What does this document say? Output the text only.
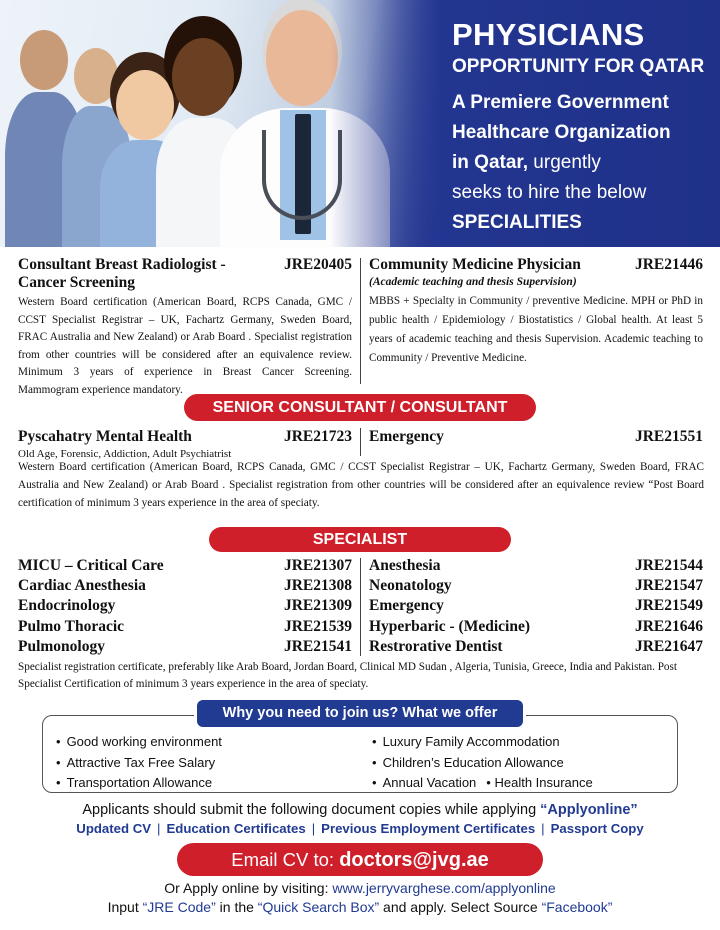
PHYSICIANS
OPPORTUNITY FOR QATAR
A Premiere Government
Healthcare Organization
in Qatar, urgently
seeks to hire the below
SPECIALITIES
Consultant Breast Radiologist -	JRE20405
Cancer Screening
Western Board certification (American Board, RCPS Canada, GMC / CCST Specialist Registrar – UK, Fachartz Germany, Sweden Board, FRAC Australia and New Zealand) or Arab Board . Specialist registration from other countries will be considered after an equivalence review. Minimum 3 years of experience in Breast Cancer Screening. Mammogram experience mandatory.
Community Medicine Physician	JRE21446
(Academic teaching and thesis Supervision)
MBBS + Specialty in Community / preventive Medicine. MPH or PhD in public health / Epidemiology / Biostatistics / Global health. At least 5 years of academic teaching and thesis Supervision. Academic teaching to Community / Preventive Medicine.
SENIOR CONSULTANT / CONSULTANT
Pyscahatry Mental Health	JRE21723
Old Age, Forensic, Addiction, Adult Psychiatrist
Emergency	JRE21551
Western Board certification (American Board, RCPS Canada, GMC / CCST Specialist Registrar – UK, Fachartz Germany, Sweden Board, FRAC Australia and New Zealand) or Arab Board . Specialist registration from other countries will be considered after an equivalence review “Post Board certification of minimum 3 years experience in the area of speciaty.
SPECIALIST
MICU – Critical Care	JRE21307
Cardiac Anesthesia	JRE21308
Endocrinology	JRE21309
Pulmo Thoracic	JRE21539
Pulmonology	JRE21541
Anesthesia	JRE21544
Neonatology	JRE21547
Emergency	JRE21549
Hyperbaric - (Medicine)	JRE21646
Restrorative Dentist	JRE21647
Specialist registration certificate, preferably like Arab Board, Jordan Board, Clinical MD Sudan , Algeria, Tunisia, Greece, India and Pakistan. Post Specialist Certification of minimum 3 years experience in the area of speciaty.
Why you need to join us? What we offer
• Good working environment
• Attractive Tax Free Salary
• Transportation Allowance
• Luxury Family Accommodation
• Children’s Education Allowance
• Annual Vacation • Health Insurance
Applicants should submit the following document copies while applying “Applyonline”
Updated CV | Education Certificates | Previous Employment Certificates | Passport Copy
Email CV to: doctors@jvg.ae
Or Apply online by visiting: www.jerryvarghese.com/applyonline
Input “JRE Code” in the “Quick Search Box” and apply. Select Source “Facebook”
